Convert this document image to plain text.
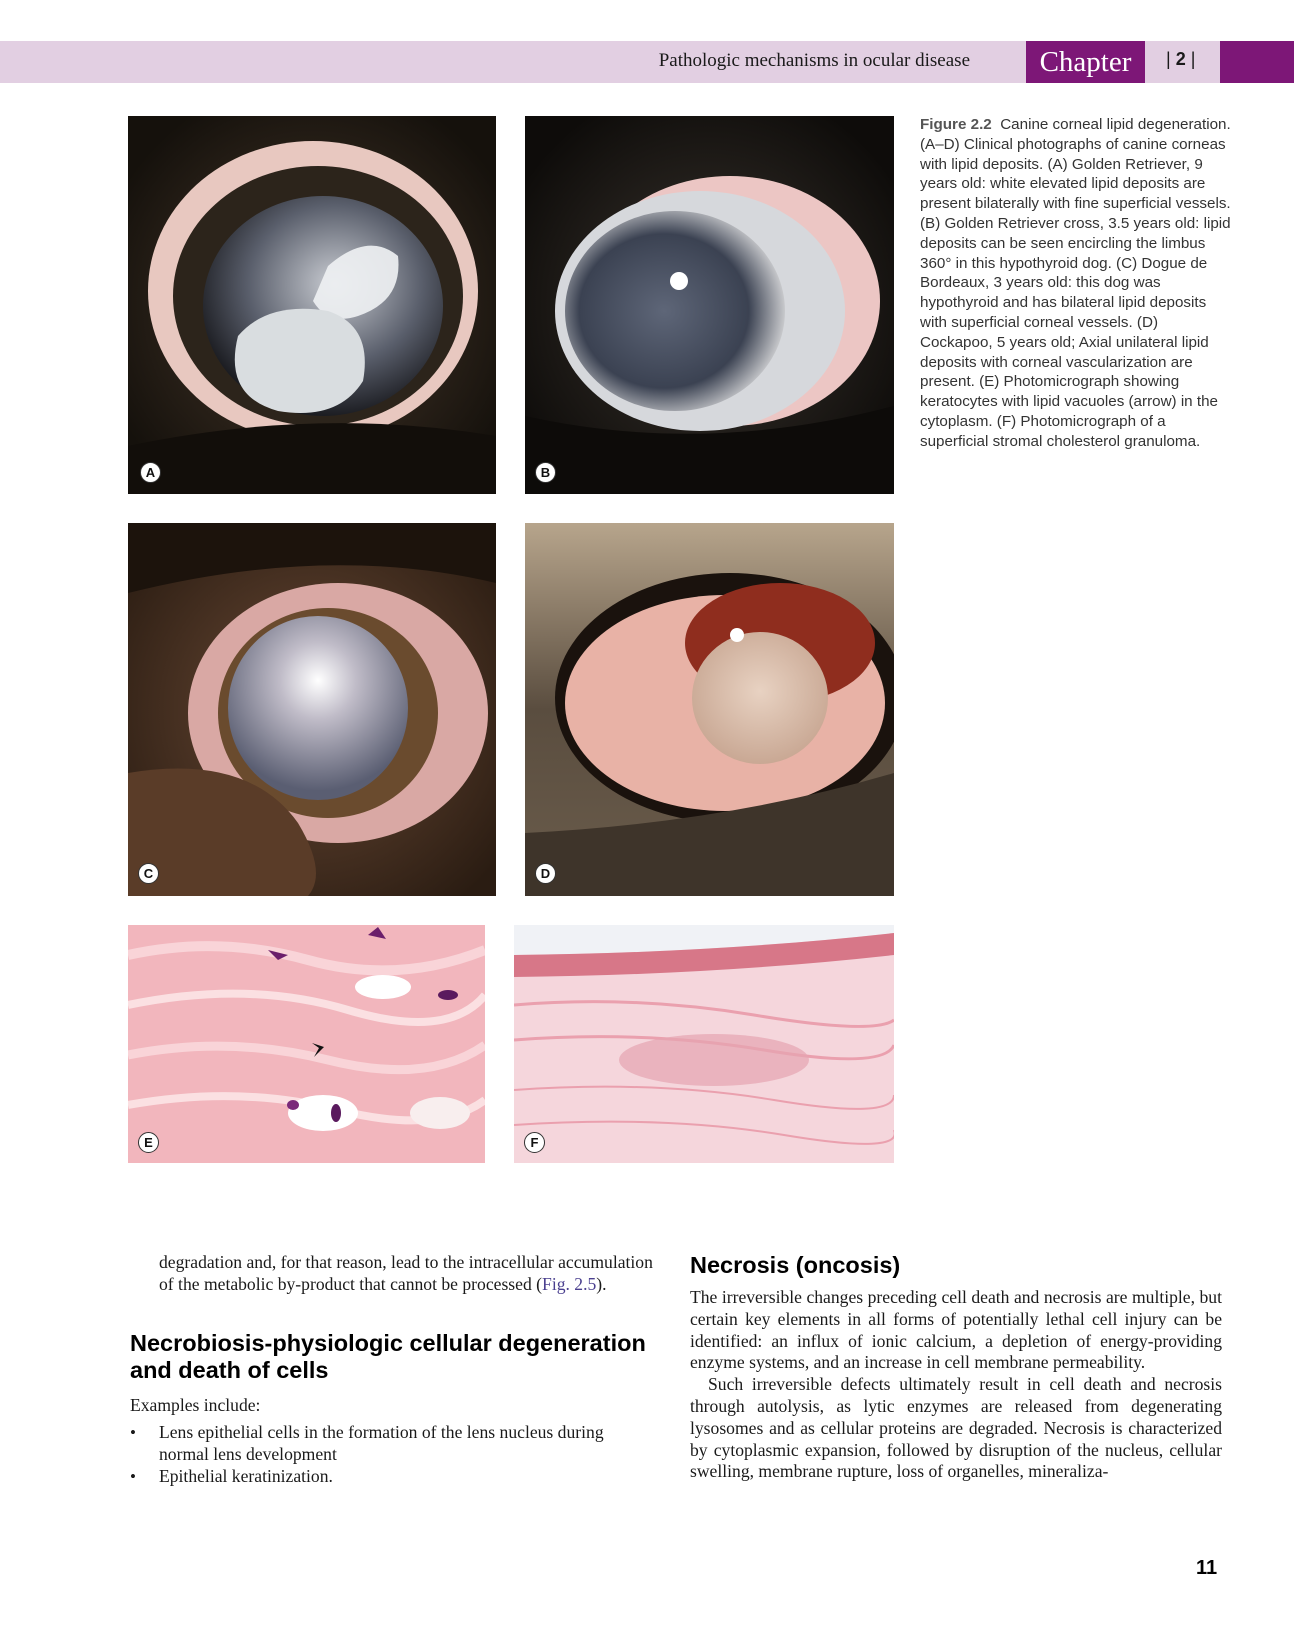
Pathologic mechanisms in ocular disease	Chapter	| 2 |
A	B
C	D
E	F
Figure 2.2 Canine corneal lipid degeneration. (A–D) Clinical photographs of canine corneas with lipid deposits. (A) Golden Retriever, 9 years old: white elevated lipid deposits are present bilaterally with fine superficial vessels. (B) Golden Retriever cross, 3.5 years old: lipid deposits can be seen encircling the limbus 360° in this hypothyroid dog. (C) Dogue de Bordeaux, 3 years old: this dog was hypothyroid and has bilateral lipid deposits with superficial corneal vessels. (D) Cockapoo, 5 years old; Axial unilateral lipid deposits with corneal vascularization are present. (E) Photomicrograph showing keratocytes with lipid vacuoles (arrow) in the cytoplasm. (F) Photomicrograph of a superficial stromal cholesterol granuloma.

degradation and, for that reason, lead to the intracellular accumulation of the metabolic by-product that cannot be processed (Fig. 2.5).

Necrobiosis-physiologic cellular degeneration and death of cells

Examples include:

• Lens epithelial cells in the formation of the lens nucleus during normal lens development
• Epithelial keratinization.
Necrosis (oncosis)

The irreversible changes preceding cell death and necrosis are multiple, but certain key elements in all forms of potentially lethal cell injury can be identified: an influx of ionic calcium, a depletion of energy-providing enzyme systems, and an increase in cell membrane permeability.

Such irreversible defects ultimately result in cell death and necrosis through autolysis, as lytic enzymes are released from degenerating lysosomes and as cellular proteins are degraded. Necrosis is characterized by cytoplasmic expansion, followed by disruption of the nucleus, cellular swelling, membrane rupture, loss of organelles, mineraliza-

11
